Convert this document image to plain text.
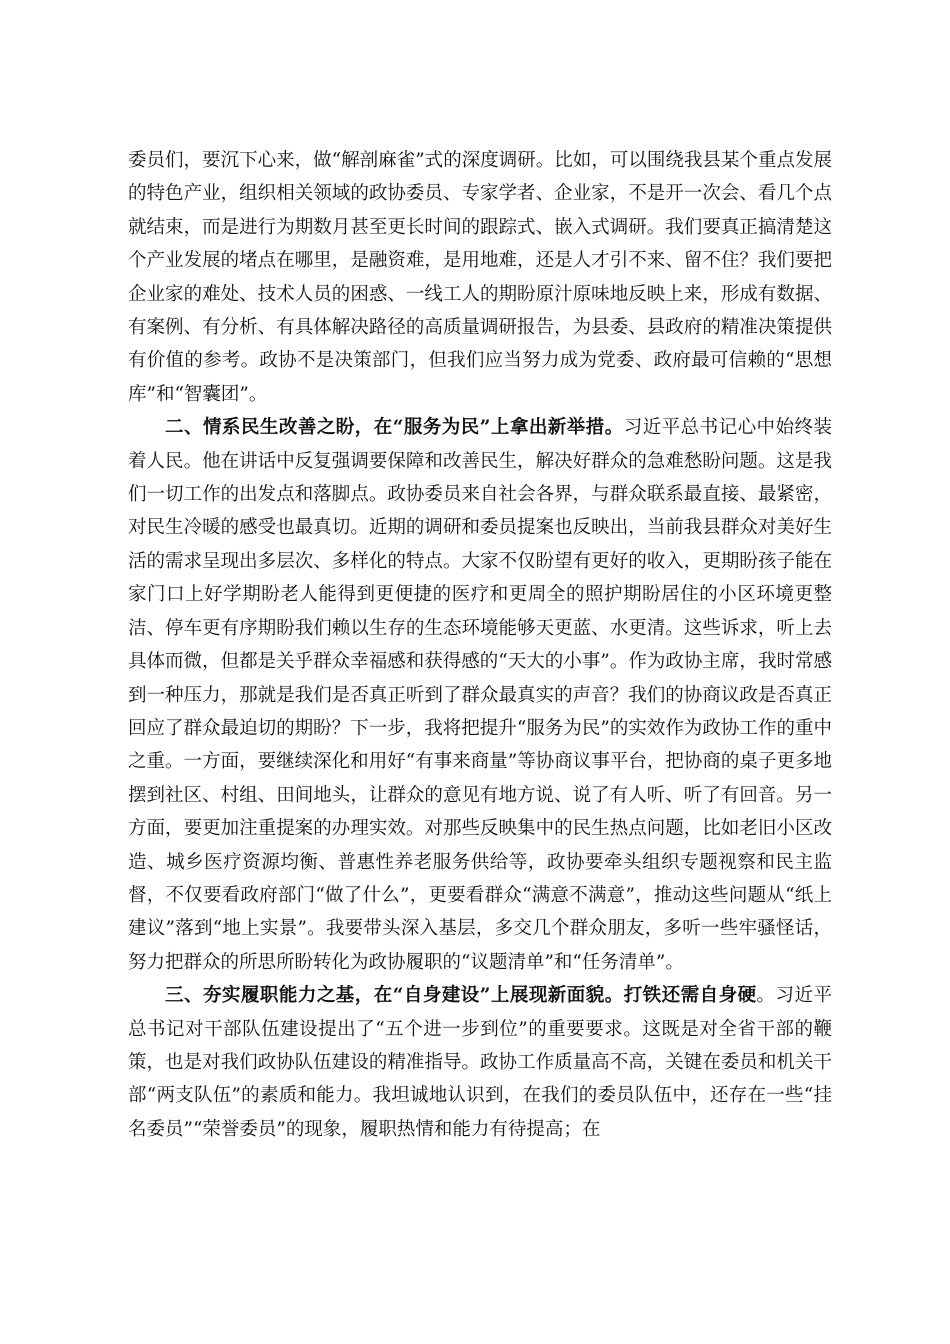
委员们，要沉下心来，做“解剖麻雀”式的深度调研。比如，可以围绕我县某个重点发展的特色产业，组织相关领域的政协委员、专家学者、企业家，不是开一次会、看几个点就结束，而是进行为期数月甚至更长时间的跟踪式、嵌入式调研。我们要真正搞清楚这个产业发展的堵点在哪里，是融资难，是用地难，还是人才引不来、留不住？我们要把企业家的难处、技术人员的困惑、一线工人的期盼原汁原味地反映上来，形成有数据、有案例、有分析、有具体解决路径的高质量调研报告，为县委、县政府的精准决策提供有价值的参考。政协不是决策部门，但我们应当努力成为党委、政府最可信赖的“思想库”和“智囊团”。

二、情系民生改善之盼，在“服务为民”上拿出新举措。习近平总书记心中始终装着人民。他在讲话中反复强调要保障和改善民生，解决好群众的急难愁盼问题。这是我们一切工作的出发点和落脚点。政协委员来自社会各界，与群众联系最直接、最紧密，对民生冷暖的感受也最真切。近期的调研和委员提案也反映出，当前我县群众对美好生活的需求呈现出多层次、多样化的特点。大家不仅盼望有更好的收入，更期盼孩子能在家门口上好学期盼老人能得到更便捷的医疗和更周全的照护期盼居住的小区环境更整洁、停车更有序期盼我们赖以生存的生态环境能够天更蓝、水更清。这些诉求，听上去具体而微，但都是关乎群众幸福感和获得感的“天大的小事”。作为政协主席，我时常感到一种压力，那就是我们是否真正听到了群众最真实的声音？我们的协商议政是否真正回应了群众最迫切的期盼？下一步，我将把提升“服务为民”的实效作为政协工作的重中之重。一方面，要继续深化和用好“有事来商量”等协商议事平台，把协商的桌子更多地摆到社区、村组、田间地头，让群众的意见有地方说、说了有人听、听了有回音。另一方面，要更加注重提案的办理实效。对那些反映集中的民生热点问题，比如老旧小区改造、城乡医疗资源均衡、普惠性养老服务供给等，政协要牵头组织专题视察和民主监督，不仅要看政府部门“做了什么”，更要看群众“满意不满意”，推动这些问题从“纸上建议”落到“地上实景”。我要带头深入基层，多交几个群众朋友，多听一些牢骚怪话，努力把群众的所思所盼转化为政协履职的“议题清单”和“任务清单”。

三、夯实履职能力之基，在“自身建设”上展现新面貌。打铁还需自身硬。习近平总书记对干部队伍建设提出了“五个进一步到位”的重要要求。这既是对全省干部的鞭策，也是对我们政协队伍建设的精准指导。政协工作质量高不高，关键在委员和机关干部“两支队伍”的素质和能力。我坦诚地认识到，在我们的委员队伍中，还存在一些“挂名委员”“荣誉委员”的现象，履职热情和能力有待提高；在
